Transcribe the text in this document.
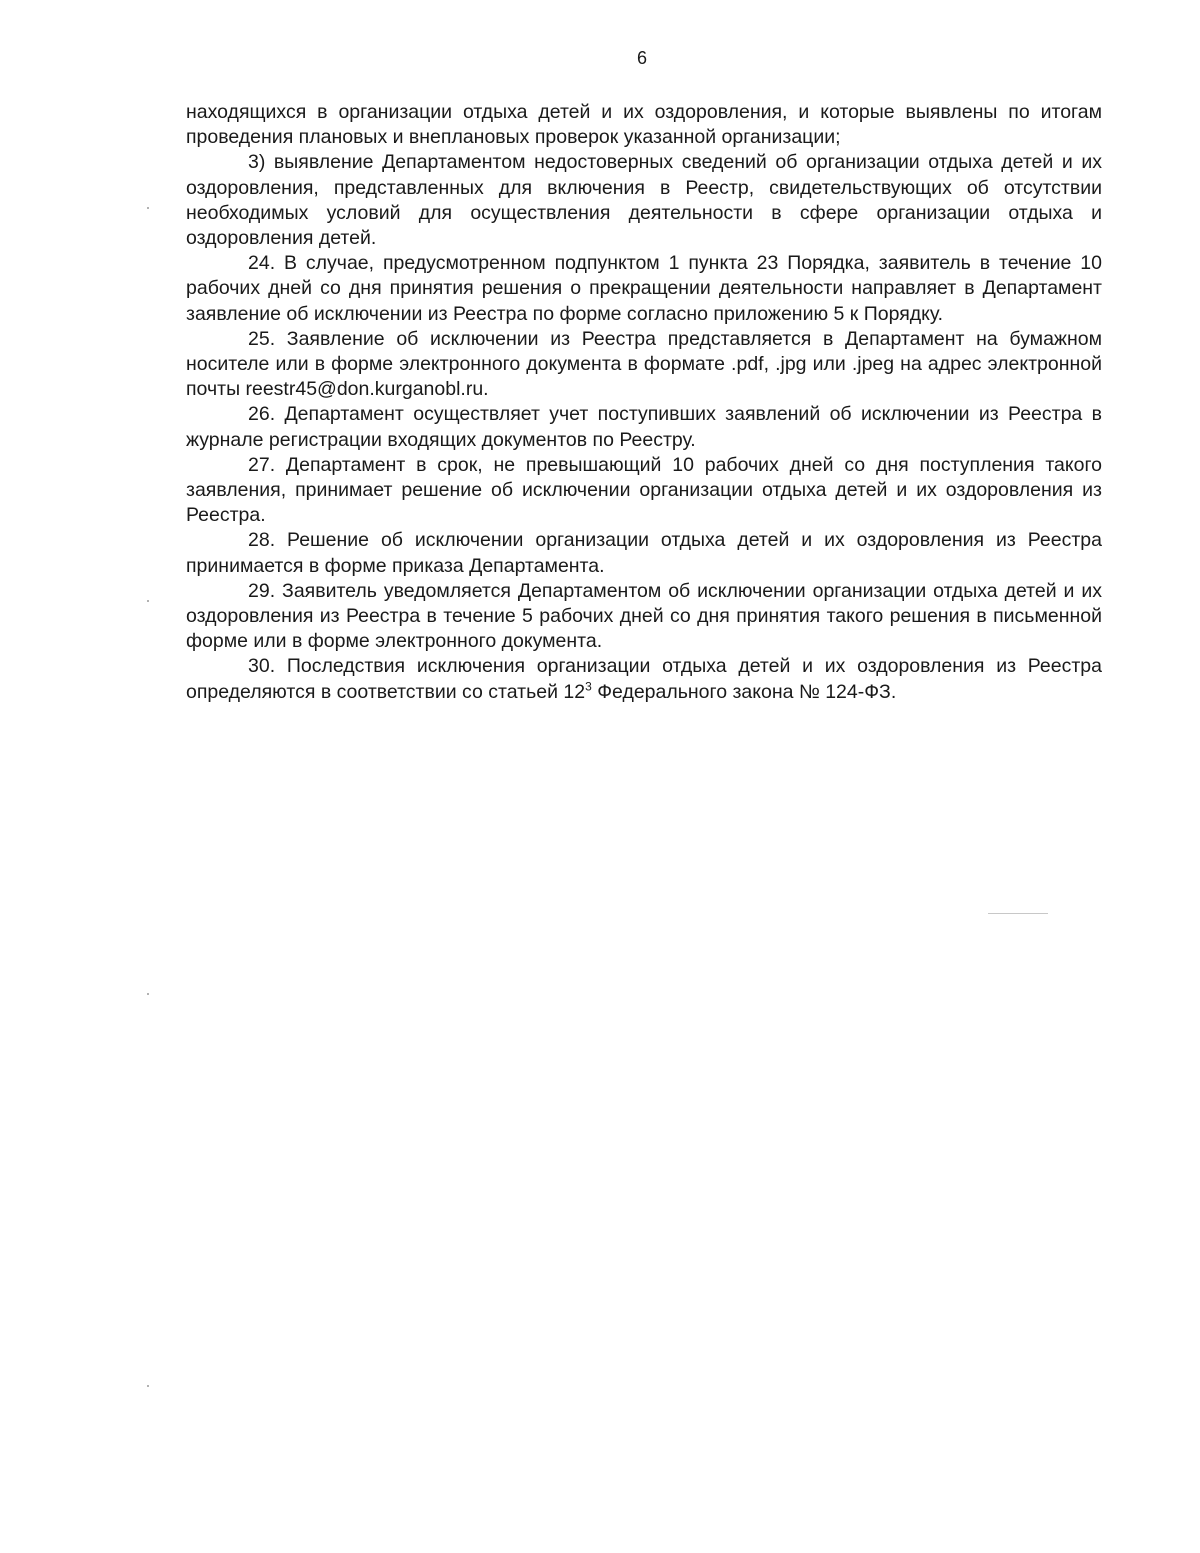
6

находящихся в организации отдыха детей и их оздоровления, и которые выявлены по итогам проведения плановых и внеплановых проверок указанной организации;

3) выявление Департаментом недостоверных сведений об организации отдыха детей и их оздоровления, представленных для включения в Реестр, свидетельствующих об отсутствии необходимых условий для осуществления деятельности в сфере организации отдыха и оздоровления детей.

24. В случае, предусмотренном подпунктом 1 пункта 23 Порядка, заявитель в течение 10 рабочих дней со дня принятия решения о прекращении деятельности направляет в Департамент заявление об исключении из Реестра по форме согласно приложению 5 к Порядку.

25. Заявление об исключении из Реестра представляется в Департамент на бумажном носителе или в форме электронного документа в формате .pdf, .jpg или .jpeg на адрес электронной почты reestr45@don.kurganobl.ru.

26. Департамент осуществляет учет поступивших заявлений об исключении из Реестра в журнале регистрации входящих документов по Реестру.

27. Департамент в срок, не превышающий 10 рабочих дней со дня поступления такого заявления, принимает решение об исключении организации отдыха детей и их оздоровления из Реестра.

28. Решение об исключении организации отдыха детей и их оздоровления из Реестра принимается в форме приказа Департамента.

29. Заявитель уведомляется Департаментом об исключении организации отдыха детей и их оздоровления из Реестра в течение 5 рабочих дней со дня принятия такого решения в письменной форме или в форме электронного документа.

30. Последствия исключения организации отдыха детей и их оздоровления из Реестра определяются в соответствии со статьей $12^3$ Федерального закона № 124-ФЗ.
